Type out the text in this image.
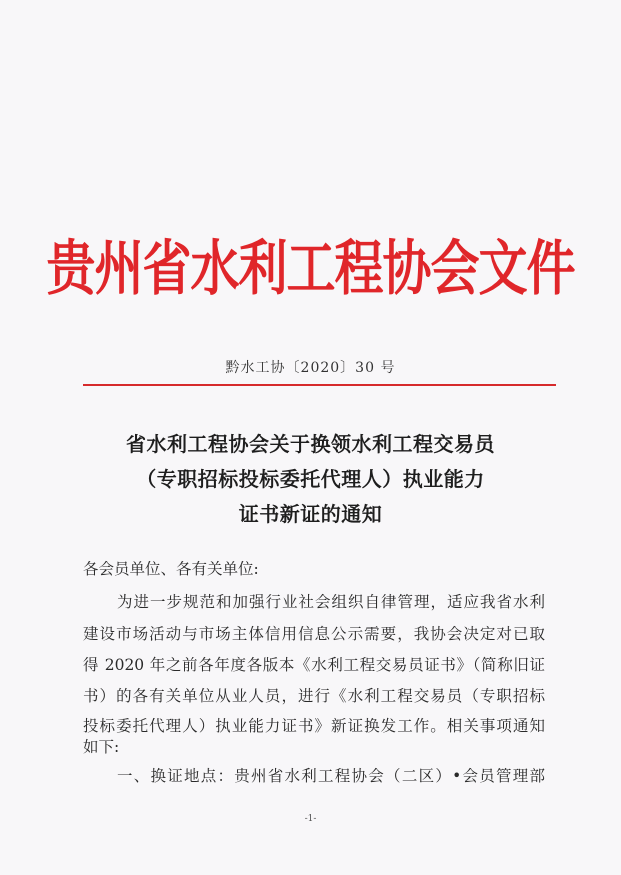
贵州省水利工程协会文件
黔水工协〔2020〕30 号
省水利工程协会关于换领水利工程交易员
（专职招标投标委托代理人）执业能力
证书新证的通知
各会员单位、各有关单位:
为进一步规范和加强行业社会组织自律管理，适应我省水利
建设市场活动与市场主体信用信息公示需要，我协会决定对已取
得 2020 年之前各年度各版本《水利工程交易员证书》（简称旧证
书）的各有关单位从业人员，进行《水利工程交易员（专职招标
投标委托代理人）执业能力证书》新证换发工作。相关事项通知
如下:
一、换证地点：贵州省水利工程协会（二区）•会员管理部
-1-
